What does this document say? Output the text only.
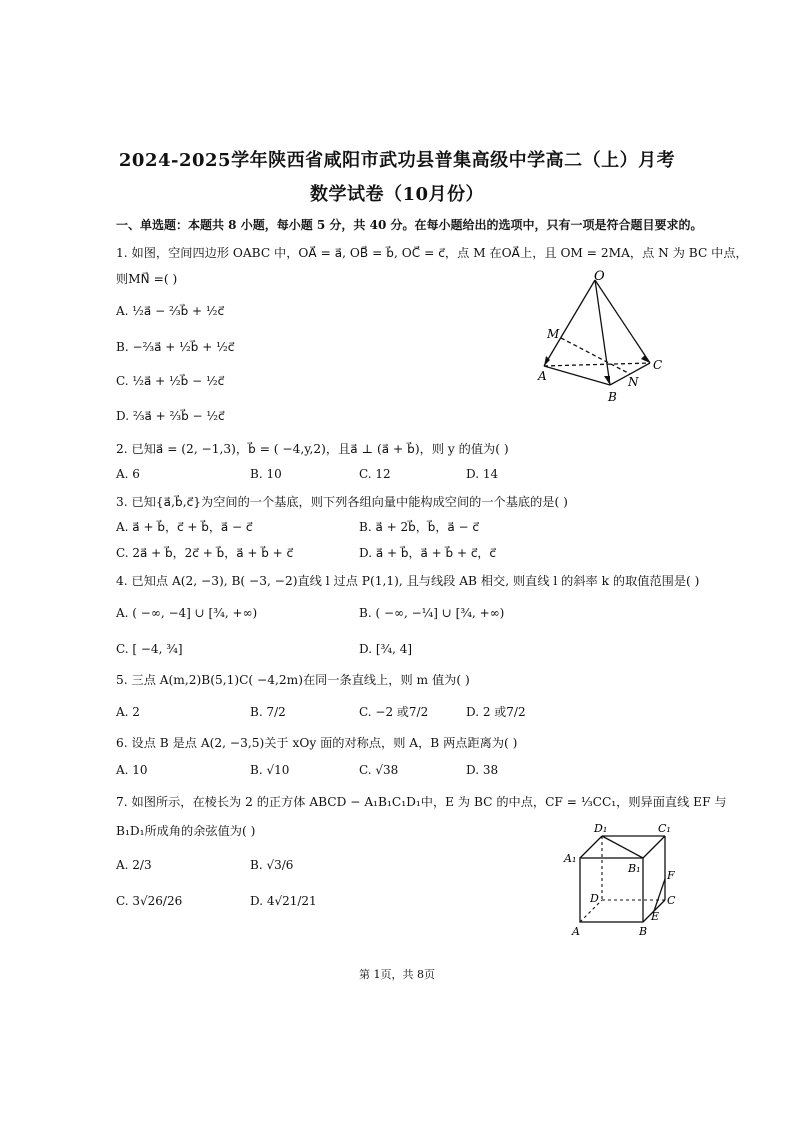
2024-2025学年陕西省咸阳市武功县普集高级中学高二（上）月考
数学试卷（10月份）
一、单选题：本题共 8 小题，每小题 5 分，共 40 分。在每小题给出的选项中，只有一项是符合题目要求的。
1. 如图，空间四边形 OABC 中，OA⃗ = a⃗, OB⃗ = b⃗, OC⃗ = c⃗，点 M 在OA⃗上，且 OM = 2MA，点 N 为 BC 中点，
则MN⃗ =( )
A. ½a⃗ − ⅔b⃗ + ½c⃗
B. −⅔a⃗ + ½b⃗ + ½c⃗
C. ½a⃗ + ½b⃗ − ½c⃗
D. ⅔a⃗ + ⅔b⃗ − ½c⃗
O
M
A
B
C
N
2. 已知a⃗ = (2, −1,3)，b⃗ = ( −4,y,2)，且a⃗ ⊥ (a⃗ + b⃗)，则 y 的值为( )
A. 6	B. 10	C. 12	D. 14
3. 已知{a⃗,b⃗,c⃗}为空间的一个基底，则下列各组向量中能构成空间的一个基底的是( )
A. a⃗ + b⃗，c⃗ + b⃗，a⃗ − c⃗	B. a⃗ + 2b⃗，b⃗，a⃗ − c⃗
C. 2a⃗ + b⃗，2c⃗ + b⃗，a⃗ + b⃗ + c⃗	D. a⃗ + b⃗，a⃗ + b⃗ + c⃗，c⃗
4. 已知点 A(2, −3), B( −3, −2)直线 l 过点 P(1,1), 且与线段 AB 相交, 则直线 l 的斜率 k 的取值范围是( )
A. ( −∞, −4] ∪ [¾, +∞)	B. ( −∞, −¼] ∪ [¾, +∞)
C. [ −4, ¾]	D. [¾, 4]
5. 三点 A(m,2)B(5,1)C( −4,2m)在同一条直线上，则 m 值为( )
A. 2	B. 7/2	C. −2 或7/2	D. 2 或7/2
6. 设点 B 是点 A(2, −3,5)关于 xOy 面的对称点，则 A，B 两点距离为( )
A. 10	B. √10	C. √38	D. 38
7. 如图所示，在棱长为 2 的正方体 ABCD − A₁B₁C₁D₁中，E 为 BC 的中点，CF = ⅓CC₁，则异面直线 EF 与
B₁D₁所成角的余弦值为( )
A. 2/3	B. √3/6
C. 3√26/26	D. 4√21/21
D₁	C₁
A₁
B₁
F
D	C
E
A	B
第 1页，共 8页
